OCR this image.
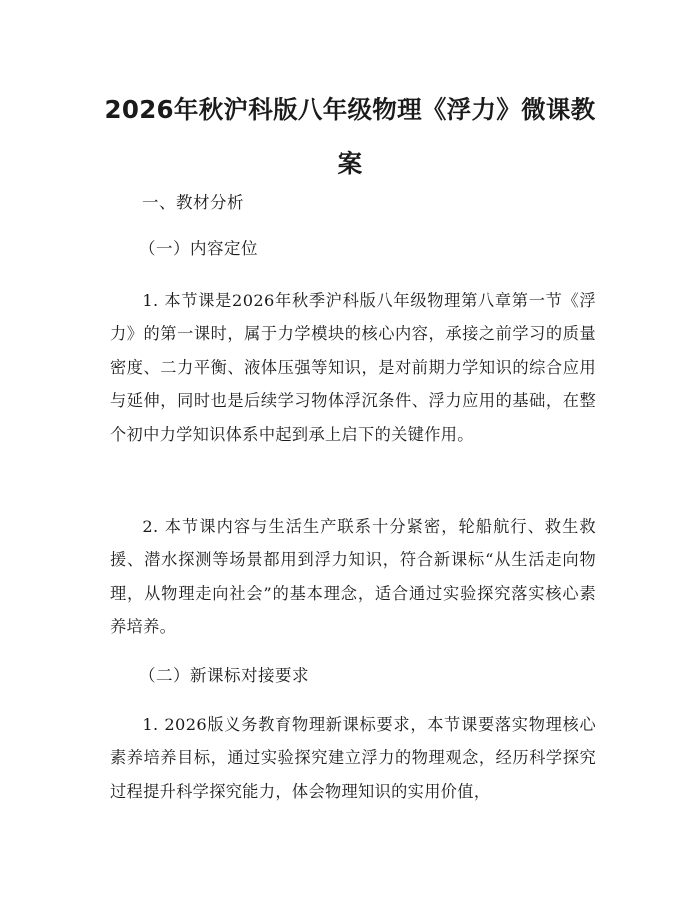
2026年秋沪科版八年级物理《浮力》微课教案

一、教材分析

（一）内容定位

1. 本节课是2026年秋季沪科版八年级物理第八章第一节《浮力》的第一课时，属于力学模块的核心内容，承接之前学习的质量密度、二力平衡、液体压强等知识，是对前期力学知识的综合应用与延伸，同时也是后续学习物体浮沉条件、浮力应用的基础，在整个初中力学知识体系中起到承上启下的关键作用。

2. 本节课内容与生活生产联系十分紧密，轮船航行、救生救援、潜水探测等场景都用到浮力知识，符合新课标“从生活走向物理，从物理走向社会”的基本理念，适合通过实验探究落实核心素养培养。

（二）新课标对接要求

1. 2026版义务教育物理新课标要求，本节课要落实物理核心素养培养目标，通过实验探究建立浮力的物理观念，经历科学探究过程提升科学探究能力，体会物理知识的实用价值，
